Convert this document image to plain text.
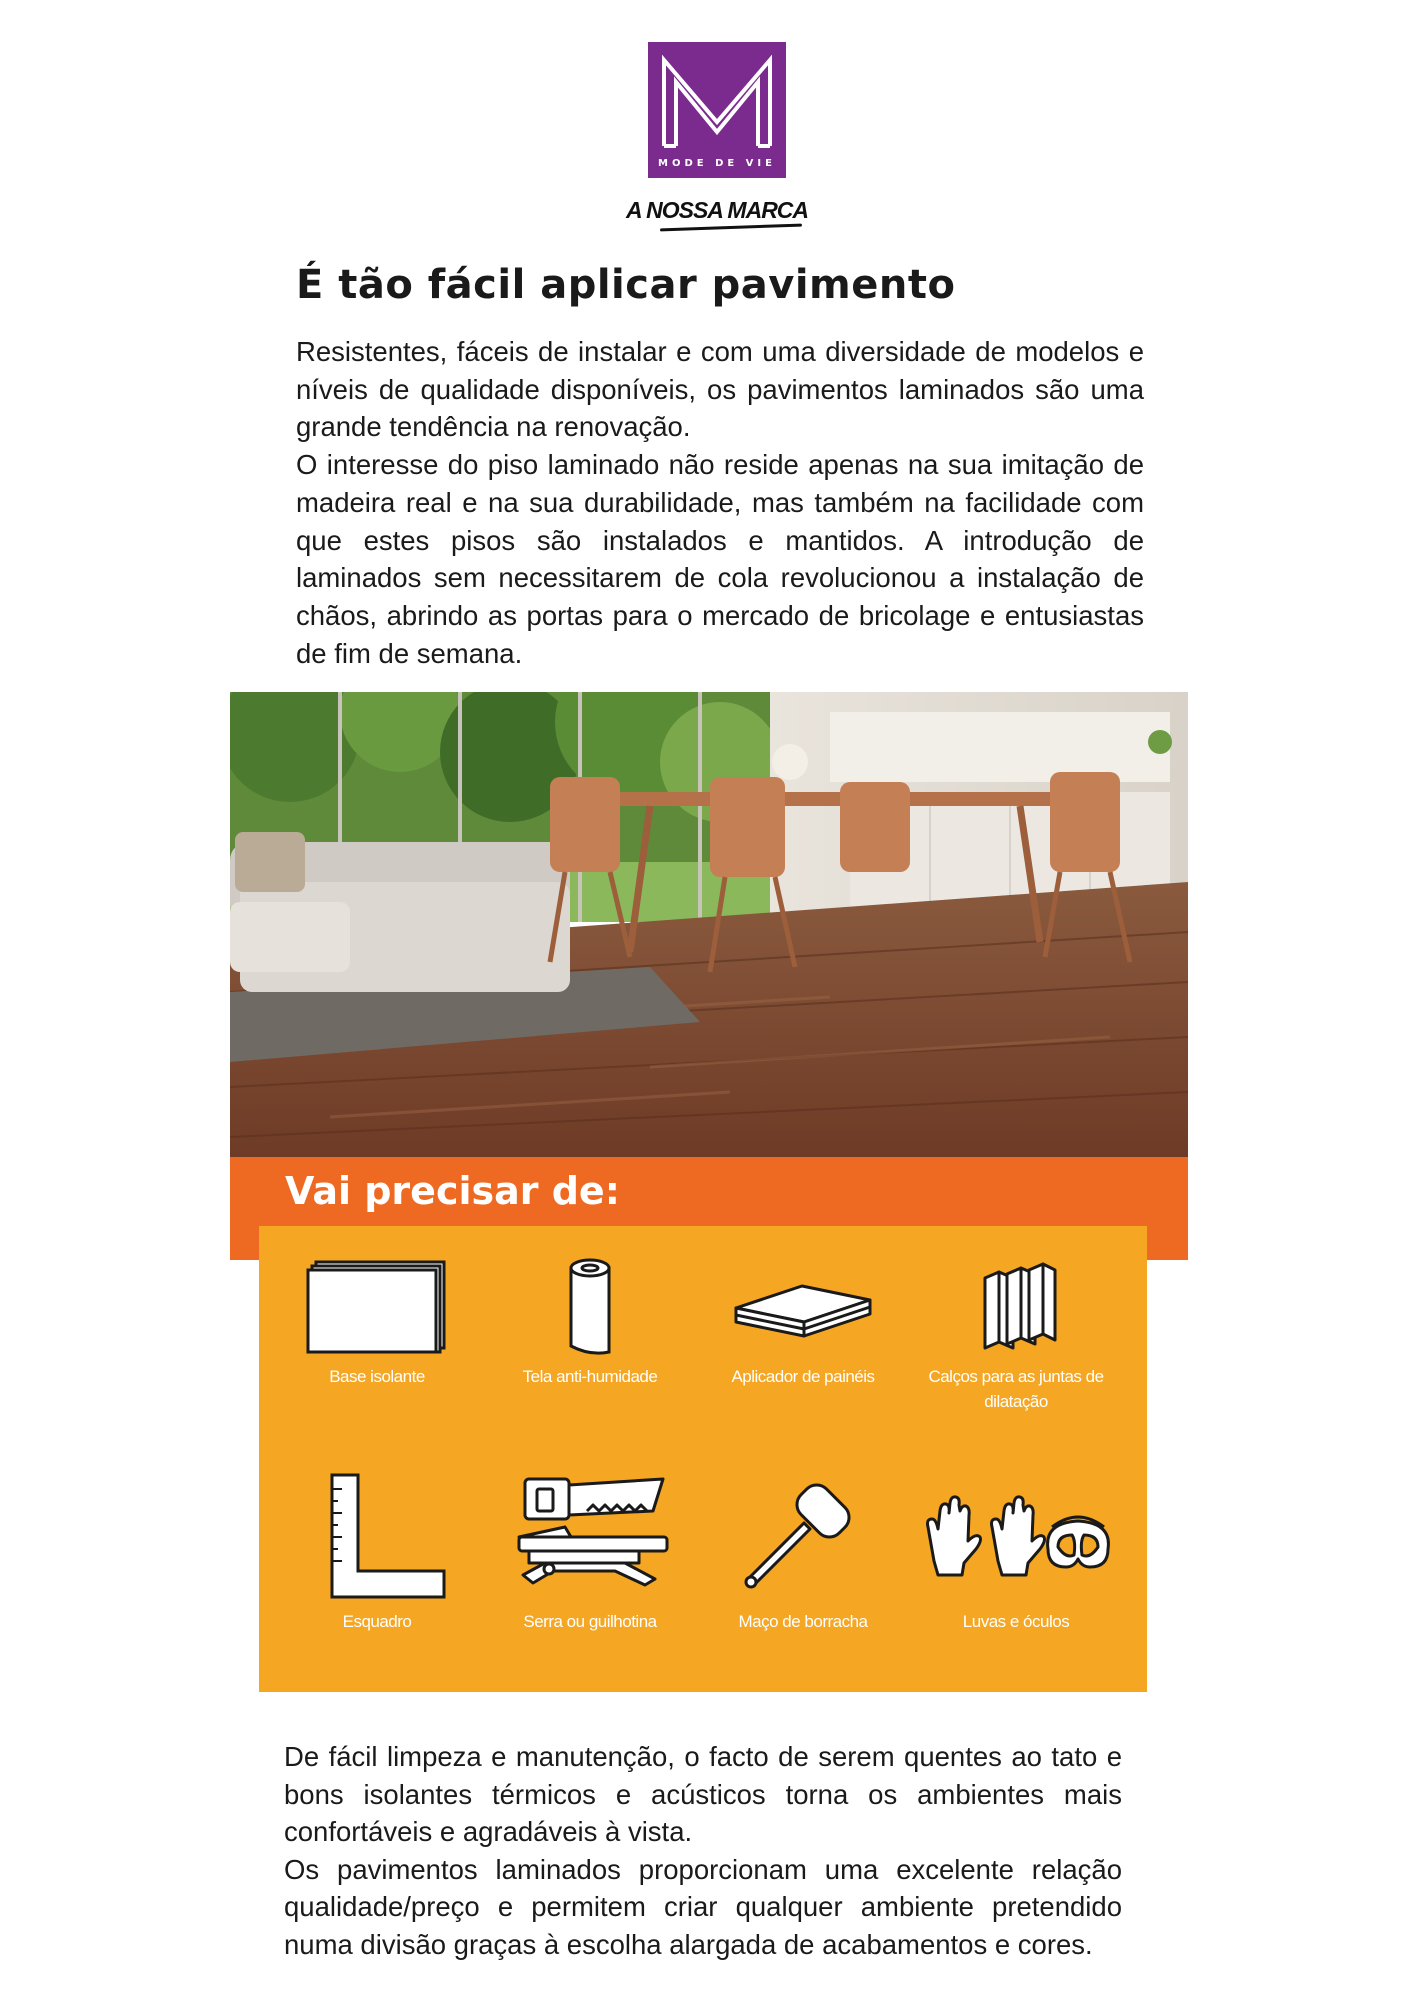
MODE DE VIE
A NOSSA MARCA
É tão fácil aplicar pavimento

Resistentes, fáceis de instalar e com uma diversidade de modelos e níveis de qualidade disponíveis, os pavimentos laminados são uma grande tendência na renovação.

O interesse do piso laminado não reside apenas na sua imitação de madeira real e na sua durabilidade, mas também na facilidade com que estes pisos são instalados e mantidos. A introdução de laminados sem necessitarem de cola revolucionou a instalação de chãos, abrindo as portas para o mercado de bricolage e entusiastas de fim de semana.

Vai precisar de:
Base isolante	Tela anti-humidade	Aplicador de painéis	Calços para as juntas de dilatação
Esquadro	Serra ou guilhotina	Maço de borracha	Luvas e óculos

De fácil limpeza e manutenção, o facto de serem quentes ao tato e bons isolantes térmicos e acústicos torna os ambientes mais confortáveis e agradáveis à vista.

Os pavimentos laminados proporcionam uma excelente relação qualidade/preço e permitem criar qualquer ambiente pretendido numa divisão graças à escolha alargada de acabamentos e cores.
